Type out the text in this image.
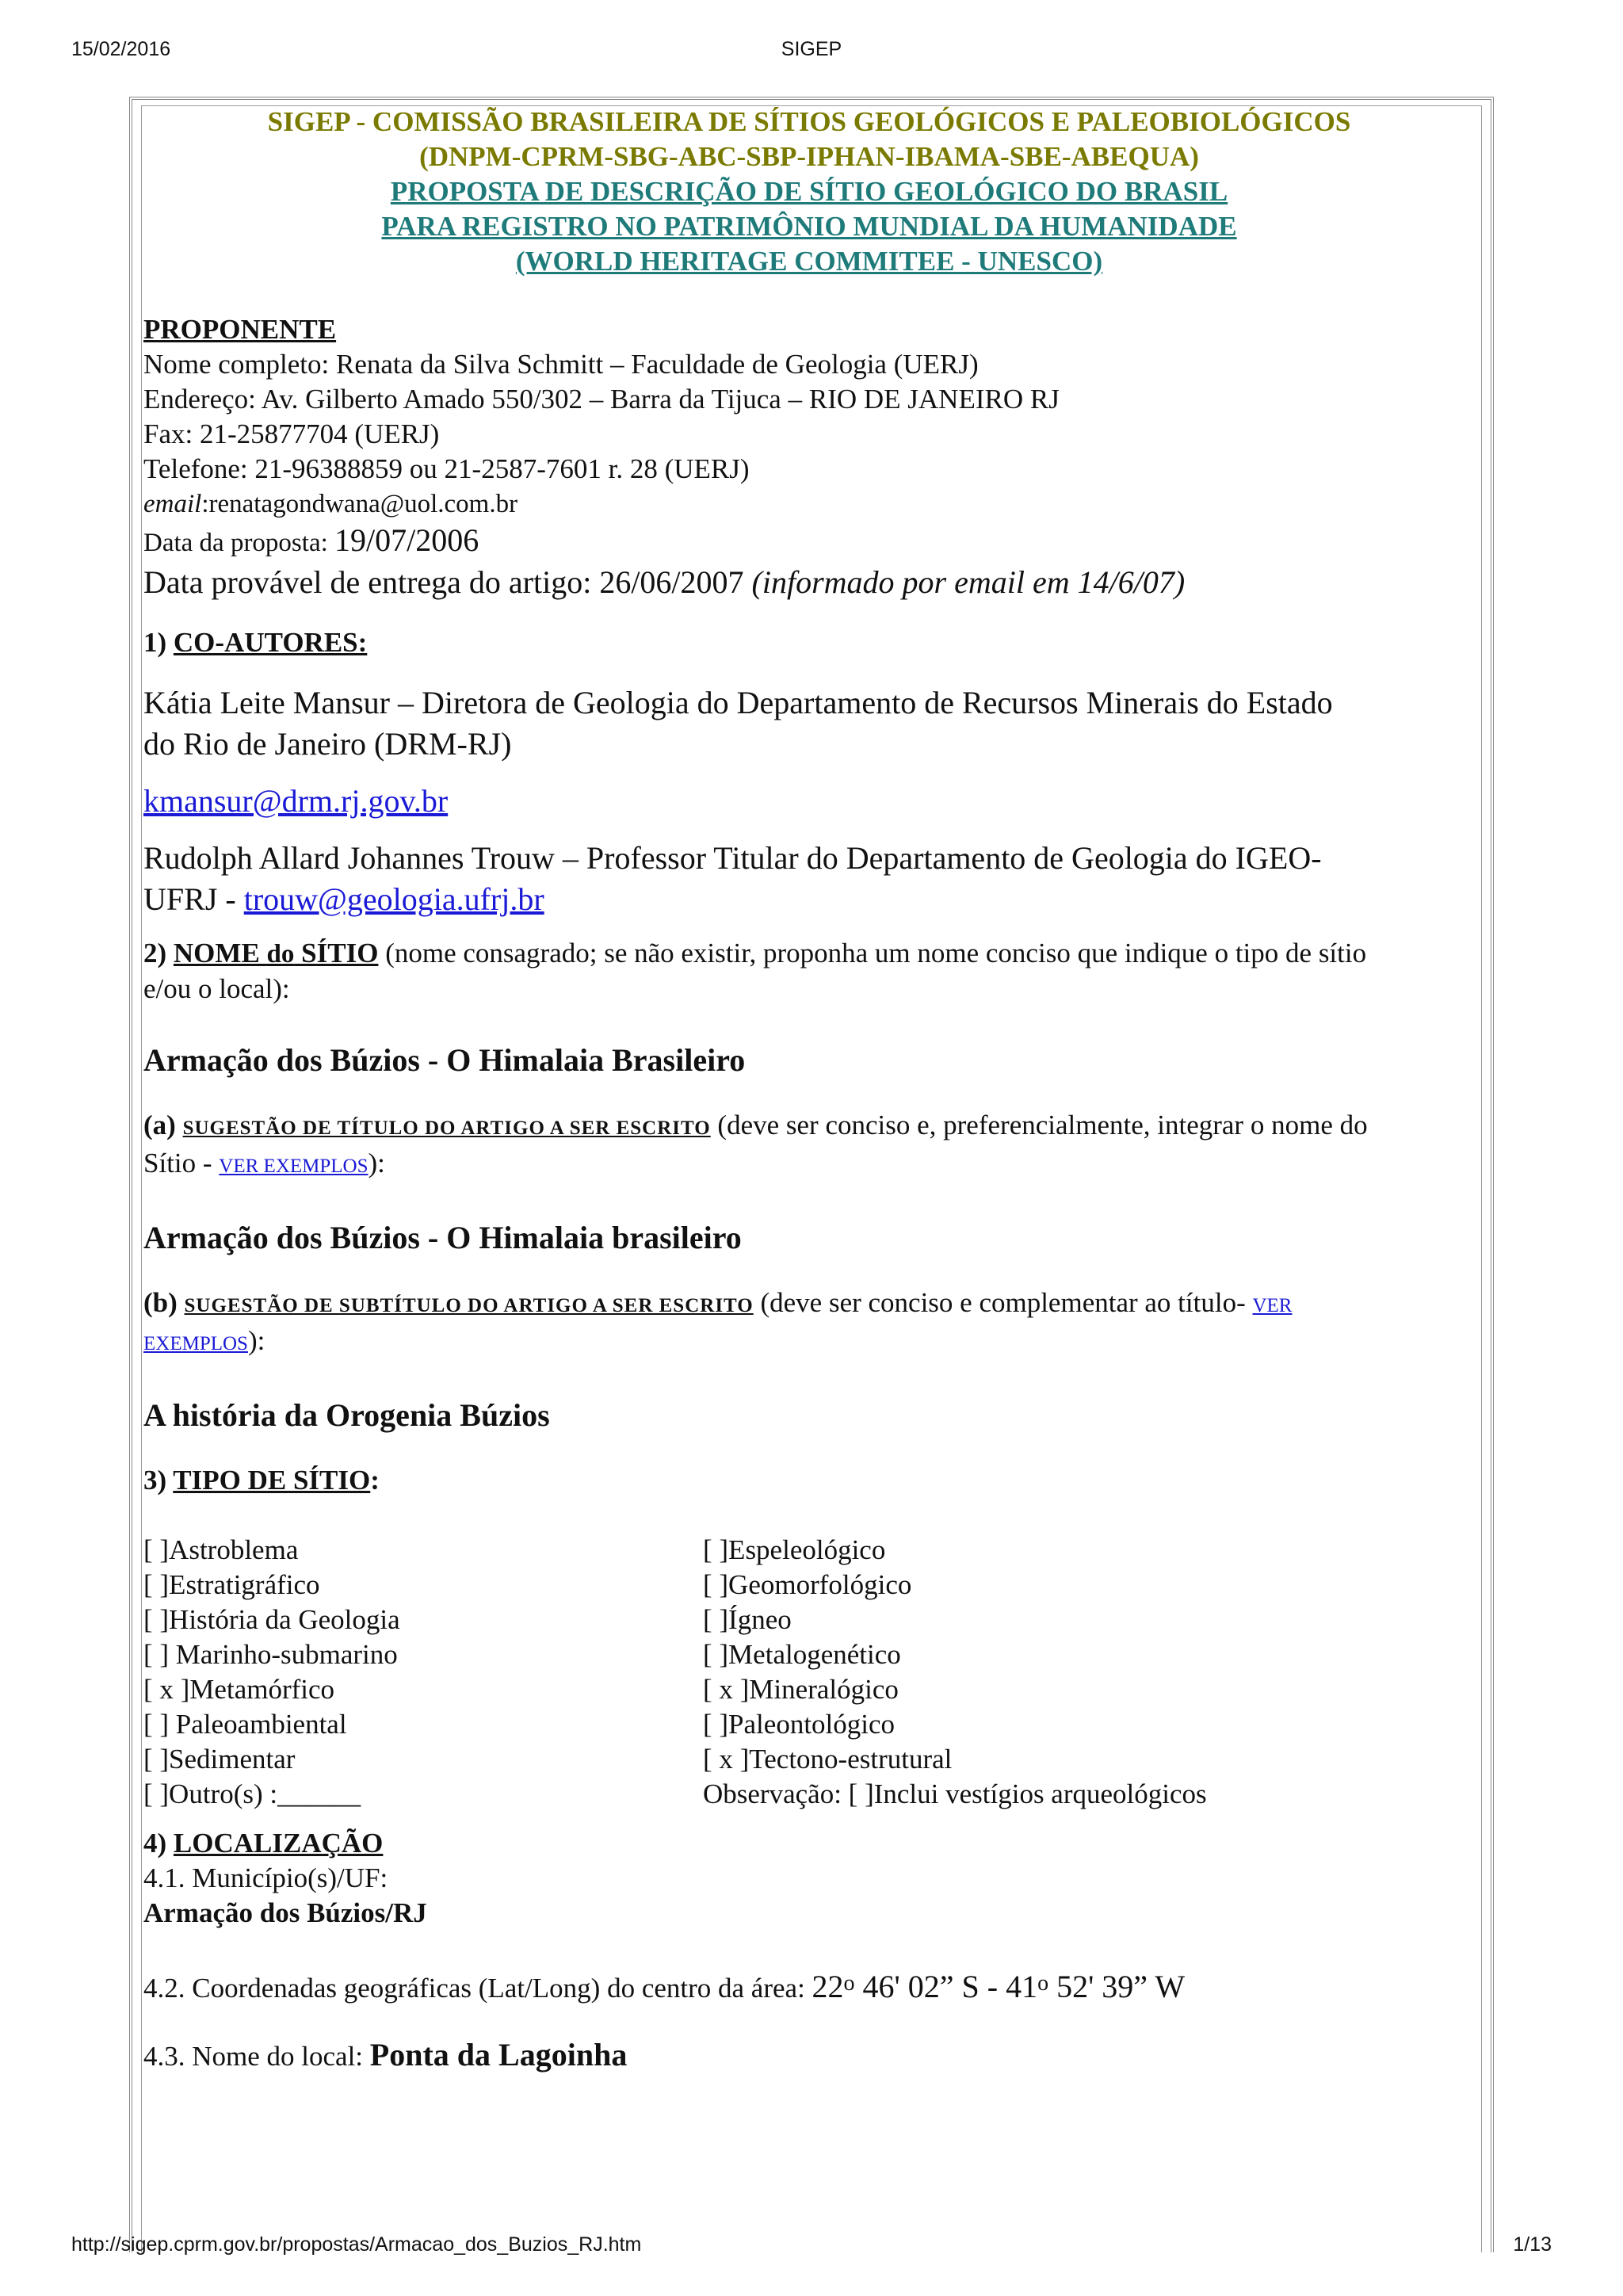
15/02/2016	SIGEP
SIGEP - COMISSÃO BRASILEIRA DE SÍTIOS GEOLÓGICOS E PALEOBIOLÓGICOS
(DNPM-CPRM-SBG-ABC-SBP-IPHAN-IBAMA-SBE-ABEQUA)
PROPOSTA DE DESCRIÇÃO DE SÍTIO GEOLÓGICO DO BRASIL
PARA REGISTRO NO PATRIMÔNIO MUNDIAL DA HUMANIDADE
(WORLD HERITAGE COMMITEE - UNESCO)
PROPONENTE
Nome completo: Renata da Silva Schmitt – Faculdade de Geologia (UERJ)
Endereço: Av. Gilberto Amado 550/302 – Barra da Tijuca – RIO DE JANEIRO RJ
Fax: 21-25877704 (UERJ)
Telefone: 21-96388859 ou 21-2587-7601 r. 28 (UERJ)
email:renatagondwana@uol.com.br
Data da proposta: 19/07/2006
Data provável de entrega do artigo: 26/06/2007 (informado por email em 14/6/07)
1) CO-AUTORES:
Kátia Leite Mansur – Diretora de Geologia do Departamento de Recursos Minerais do Estado
do Rio de Janeiro (DRM-RJ)
kmansur@drm.rj.gov.br
Rudolph Allard Johannes Trouw – Professor Titular do Departamento de Geologia do IGEO-
UFRJ - trouw@geologia.ufrj.br
2) NOME do SÍTIO (nome consagrado; se não existir, proponha um nome conciso que indique o tipo de sítio
e/ou o local):
Armação dos Búzios - O Himalaia Brasileiro
(a) SUGESTÃO DE TÍTULO DO ARTIGO A SER ESCRITO (deve ser conciso e, preferencialmente, integrar o nome do
Sítio - VER EXEMPLOS):
Armação dos Búzios - O Himalaia brasileiro
(b) SUGESTÃO DE SUBTÍTULO DO ARTIGO A SER ESCRITO (deve ser conciso e complementar ao título- VER
EXEMPLOS):
A história da Orogenia Búzios
3) TIPO DE SÍTIO:
[ ]Astroblema
[ ]Estratigráfico
[ ]História da Geologia
[ ] Marinho-submarino
[ x ]Metamórfico
[ ] Paleoambiental
[ ]Sedimentar
[ ]Outro(s) :______
[ ]Espeleológico
[ ]Geomorfológico
[ ]Ígneo
[ ]Metalogenético
[ x ]Mineralógico
[ ]Paleontológico
[ x ]Tectono-estrutural
Observação: [ ]Inclui vestígios arqueológicos
4) LOCALIZAÇÃO
4.1. Município(s)/UF:
Armação dos Búzios/RJ
4.2. Coordenadas geográficas (Lat/Long) do centro da área: 22$^o$ 46' 02” S - 41$^o$ 52' 39” W
4.3. Nome do local: Ponta da Lagoinha
http://sigep.cprm.gov.br/propostas/Armacao_dos_Buzios_RJ.htm	1/13
